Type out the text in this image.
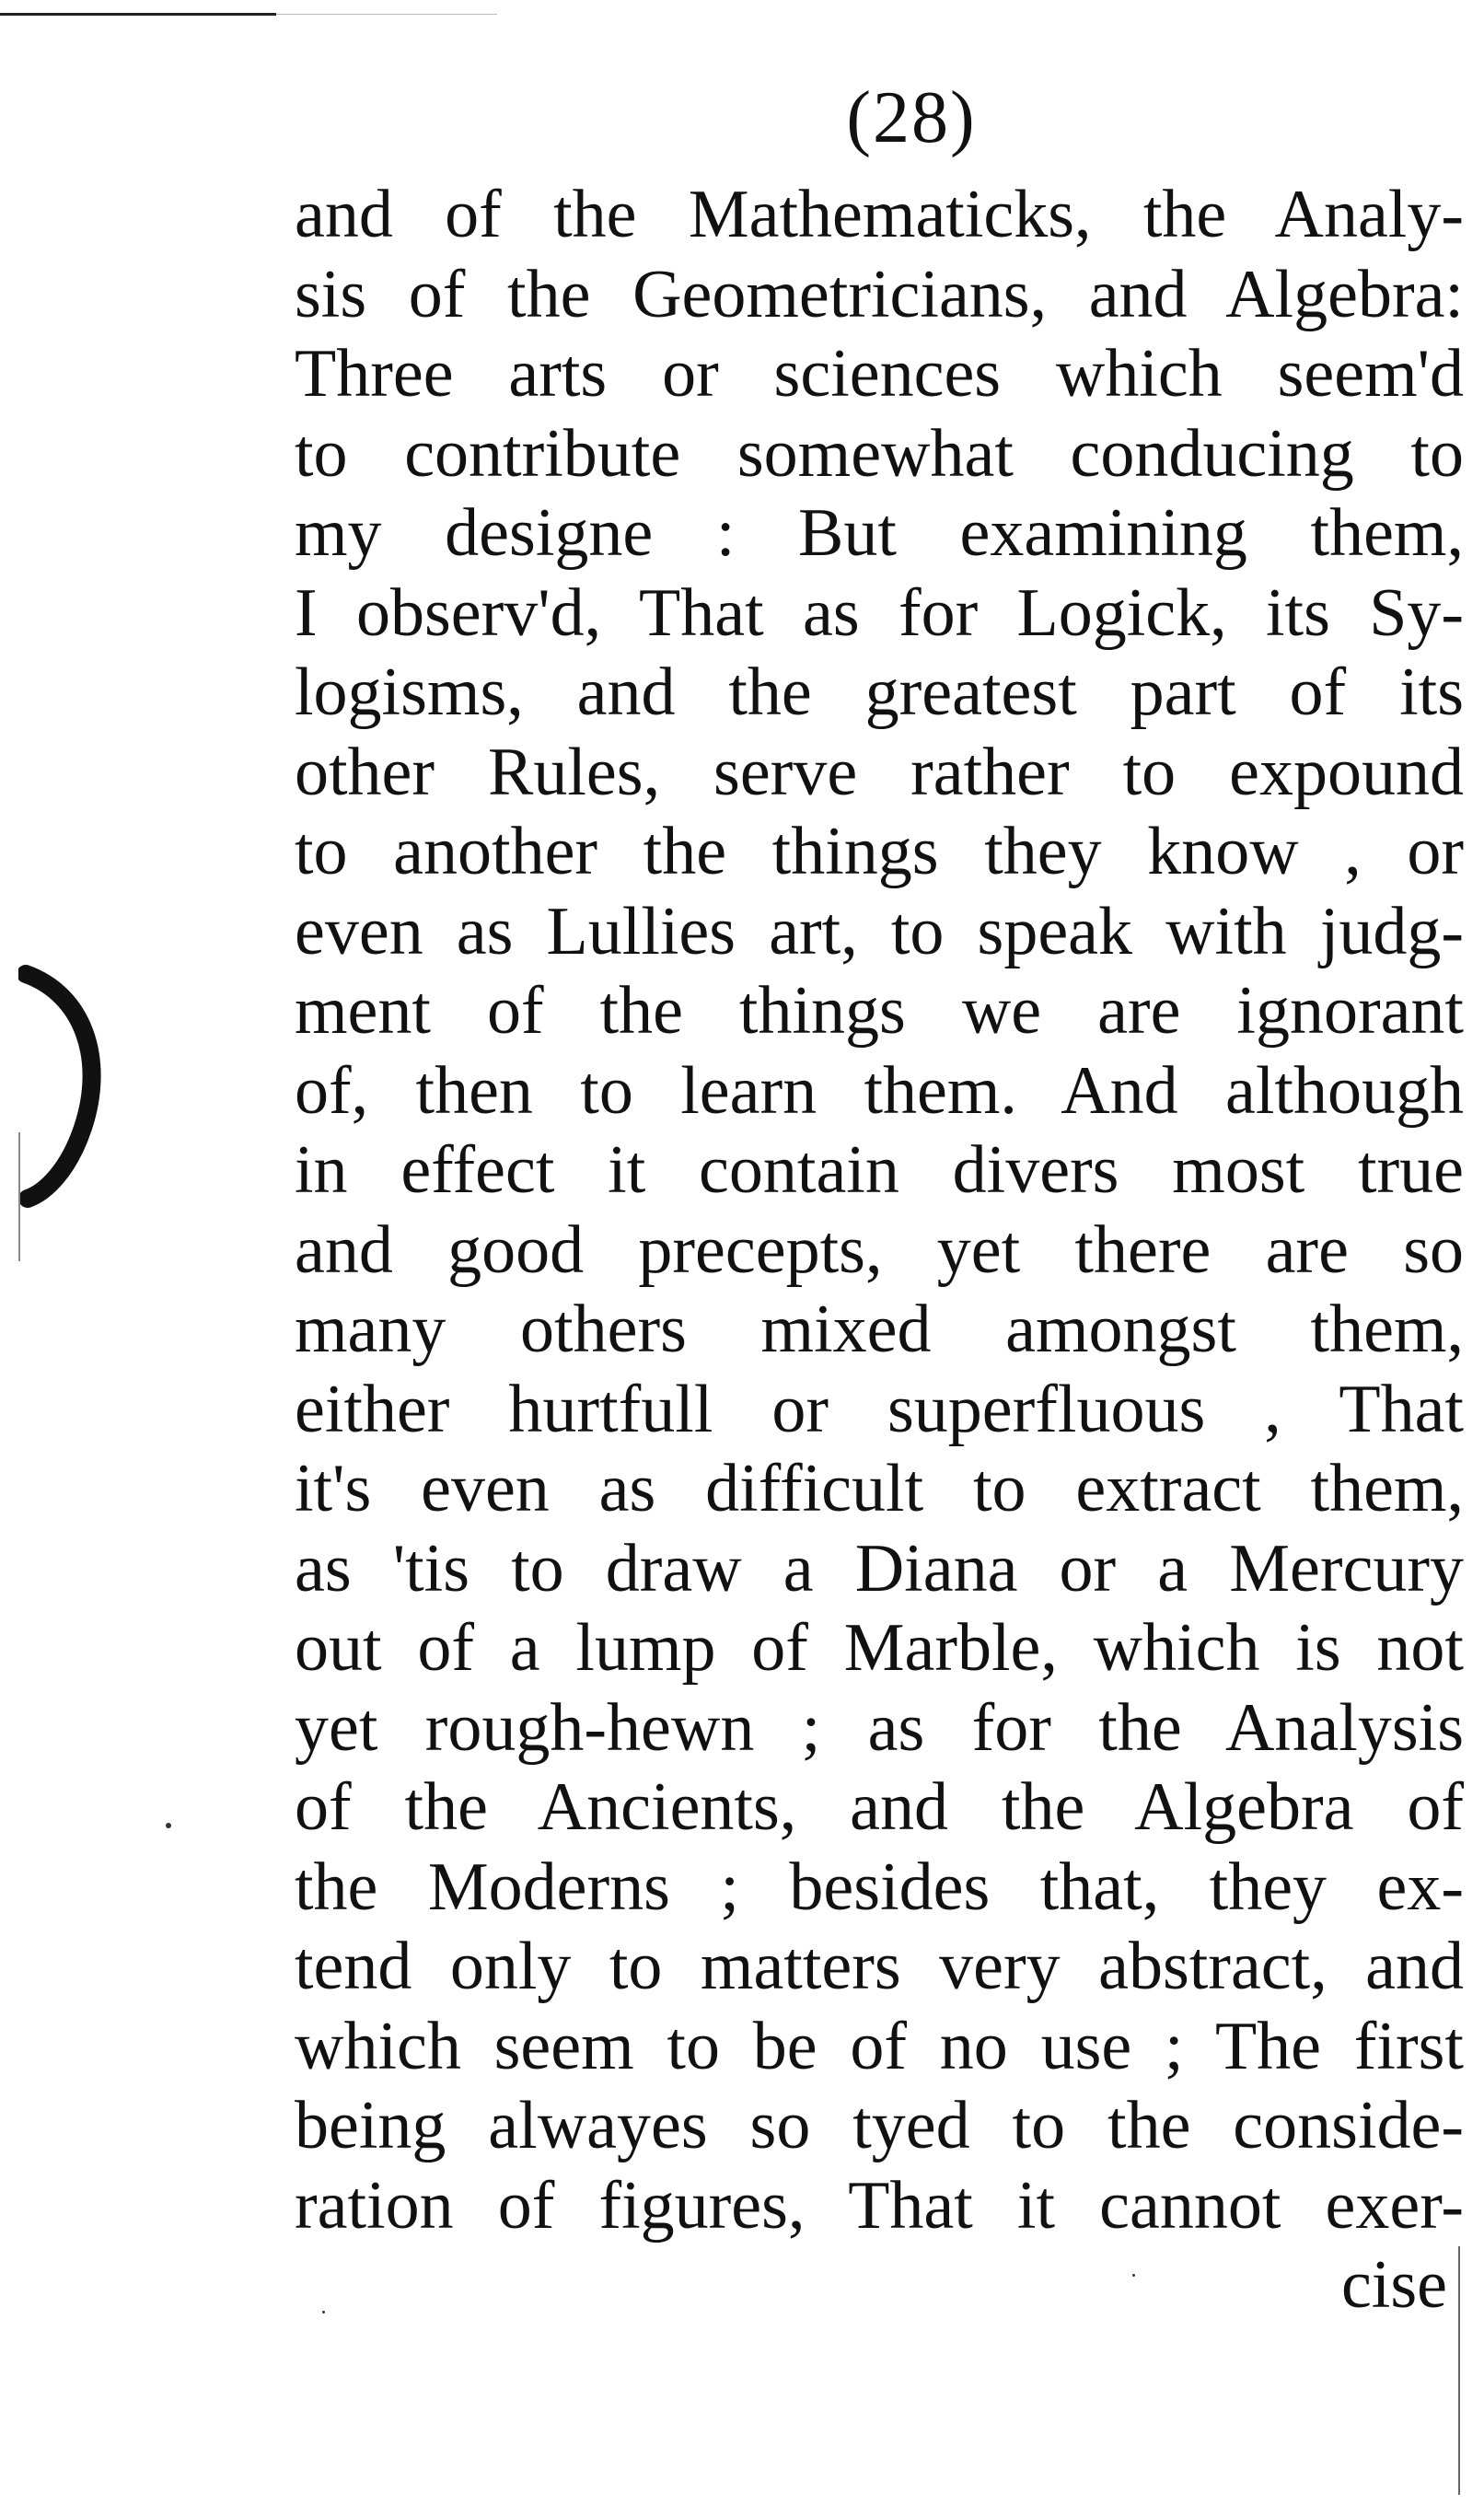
(28)
and of the Mathematicks, the Analy-
sis of the Geometricians, and Algebra:
Three arts or sciences which seem'd
to contribute somewhat conducing to
my designe : But examining them,
I observ'd, That as for Logick, its Sy-
logisms, and the greatest part of its
other Rules, serve rather to expound
to another the things they know , or
even as Lullies art, to speak with judg-
ment of the things we are ignorant
of, then to learn them. And although
in effect it contain divers most true
and good precepts, yet there are so
many others mixed amongst them,
either hurtfull or superfluous , That
it's even as difficult to extract them,
as 'tis to draw a Diana or a Mercury
out of a lump of Marble, which is not
yet rough-hewn ; as for the Analysis
of the Ancients, and the Algebra of
the Moderns ; besides that, they ex-
tend only to matters very abstract, and
which seem to be of no use ; The first
being alwayes so tyed to the conside-
ration of figures, That it cannot exer-
cise
